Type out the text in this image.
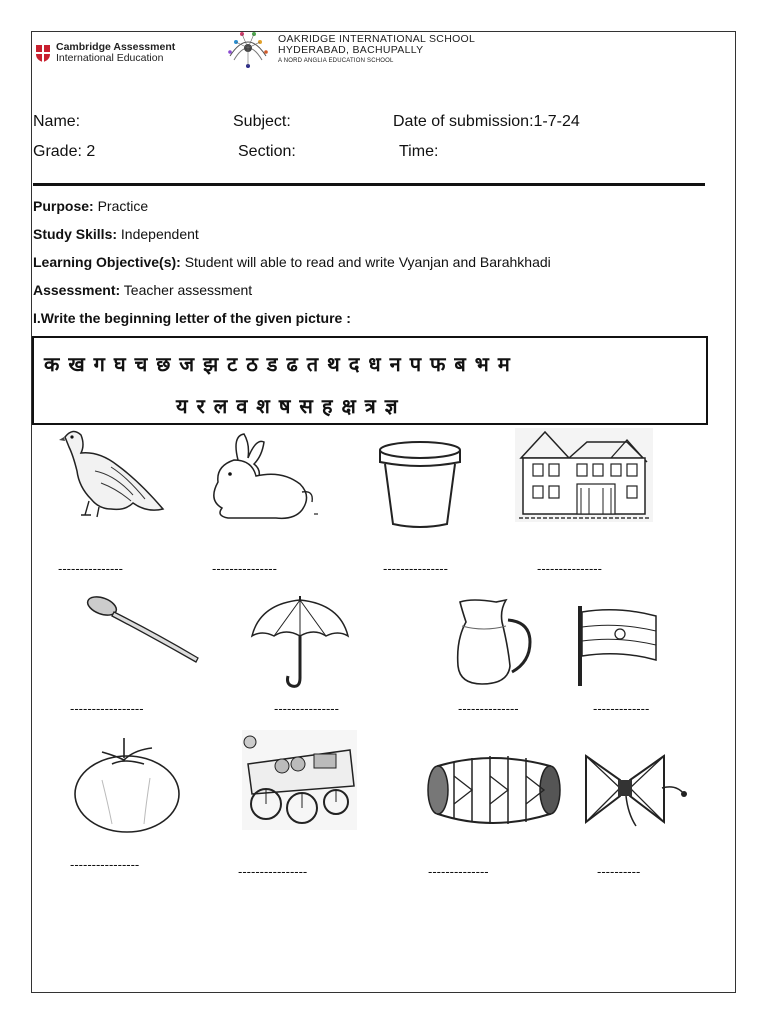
Cambridge Assessment
International Education
OAKRIDGE INTERNATIONAL SCHOOL
HYDERABAD, BACHUPALLY
A NORD ANGLIA EDUCATION SCHOOL
Name:	Subject:	Date of submission:1-7-24
Grade: 2	Section:	Time:
Purpose: Practice
Study Skills: Independent
Learning Objective(s): Student will able to read and write Vyanjan and Barahkhadi
Assessment: Teacher assessment
I.Write the beginning letter of the given picture :
क ख ग घ च छ ज झ ट ठ ड ढ त थ द ध न प फ ब भ म
य र ल व श ष स ह क्ष त्र ज्ञ
---------------	---------------	---------------	---------------
-----------------	---------------	--------------	-------------
----------------	----------------	--------------	----------
